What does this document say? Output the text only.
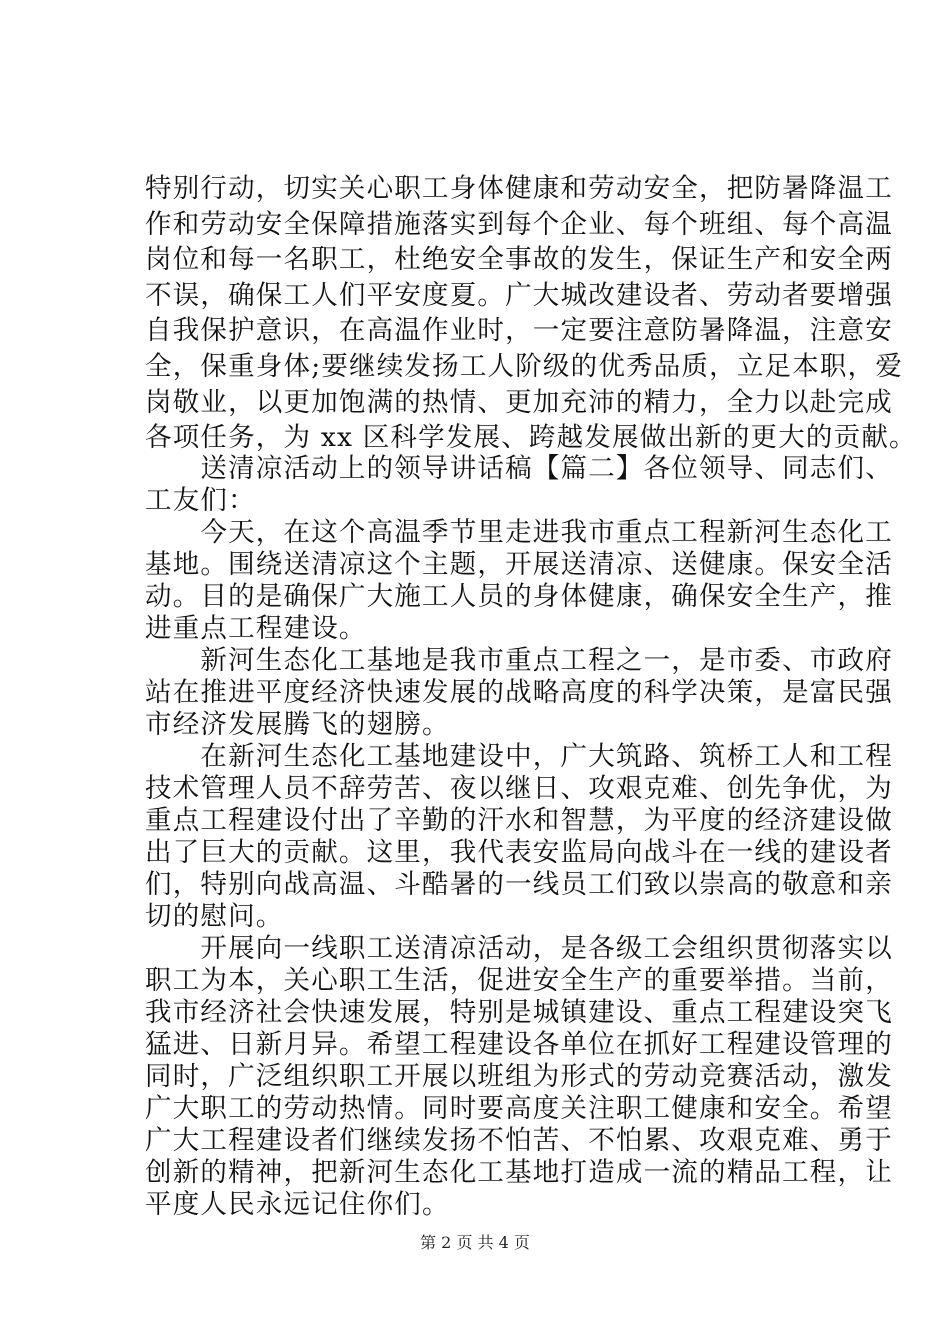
特别行动，切实关心职工身体健康和劳动安全，把防暑降温工
作和劳动安全保障措施落实到每个企业、每个班组、每个高温
岗位和每一名职工，杜绝安全事故的发生，保证生产和安全两
不误，确保工人们平安度夏。广大城改建设者、劳动者要增强
自我保护意识，在高温作业时，一定要注意防暑降温，注意安
全，保重身体;要继续发扬工人阶级的优秀品质，立足本职，爱
岗敬业，以更加饱满的热情、更加充沛的精力，全力以赴完成
各项任务，为 xx 区科学发展、跨越发展做出新的更大的贡献。
　　送清凉活动上的领导讲话稿【篇二】各位领导、同志们、
工友们：
　　今天，在这个高温季节里走进我市重点工程新河生态化工
基地。围绕送清凉这个主题，开展送清凉、送健康。保安全活
动。目的是确保广大施工人员的身体健康，确保安全生产，推
进重点工程建设。
　　新河生态化工基地是我市重点工程之一，是市委、市政府
站在推进平度经济快速发展的战略高度的科学决策，是富民强
市经济发展腾飞的翅膀。
　　在新河生态化工基地建设中，广大筑路、筑桥工人和工程
技术管理人员不辞劳苦、夜以继日、攻艰克难、创先争优，为
重点工程建设付出了辛勤的汗水和智慧，为平度的经济建设做
出了巨大的贡献。这里，我代表安监局向战斗在一线的建设者
们，特别向战高温、斗酷暑的一线员工们致以崇高的敬意和亲
切的慰问。
　　开展向一线职工送清凉活动，是各级工会组织贯彻落实以
职工为本，关心职工生活，促进安全生产的重要举措。当前，
我市经济社会快速发展，特别是城镇建设、重点工程建设突飞
猛进、日新月异。希望工程建设各单位在抓好工程建设管理的
同时，广泛组织职工开展以班组为形式的劳动竞赛活动，激发
广大职工的劳动热情。同时要高度关注职工健康和安全。希望
广大工程建设者们继续发扬不怕苦、不怕累、攻艰克难、勇于
创新的精神，把新河生态化工基地打造成一流的精品工程，让
平度人民永远记住你们。
第 2 页 共 4 页
